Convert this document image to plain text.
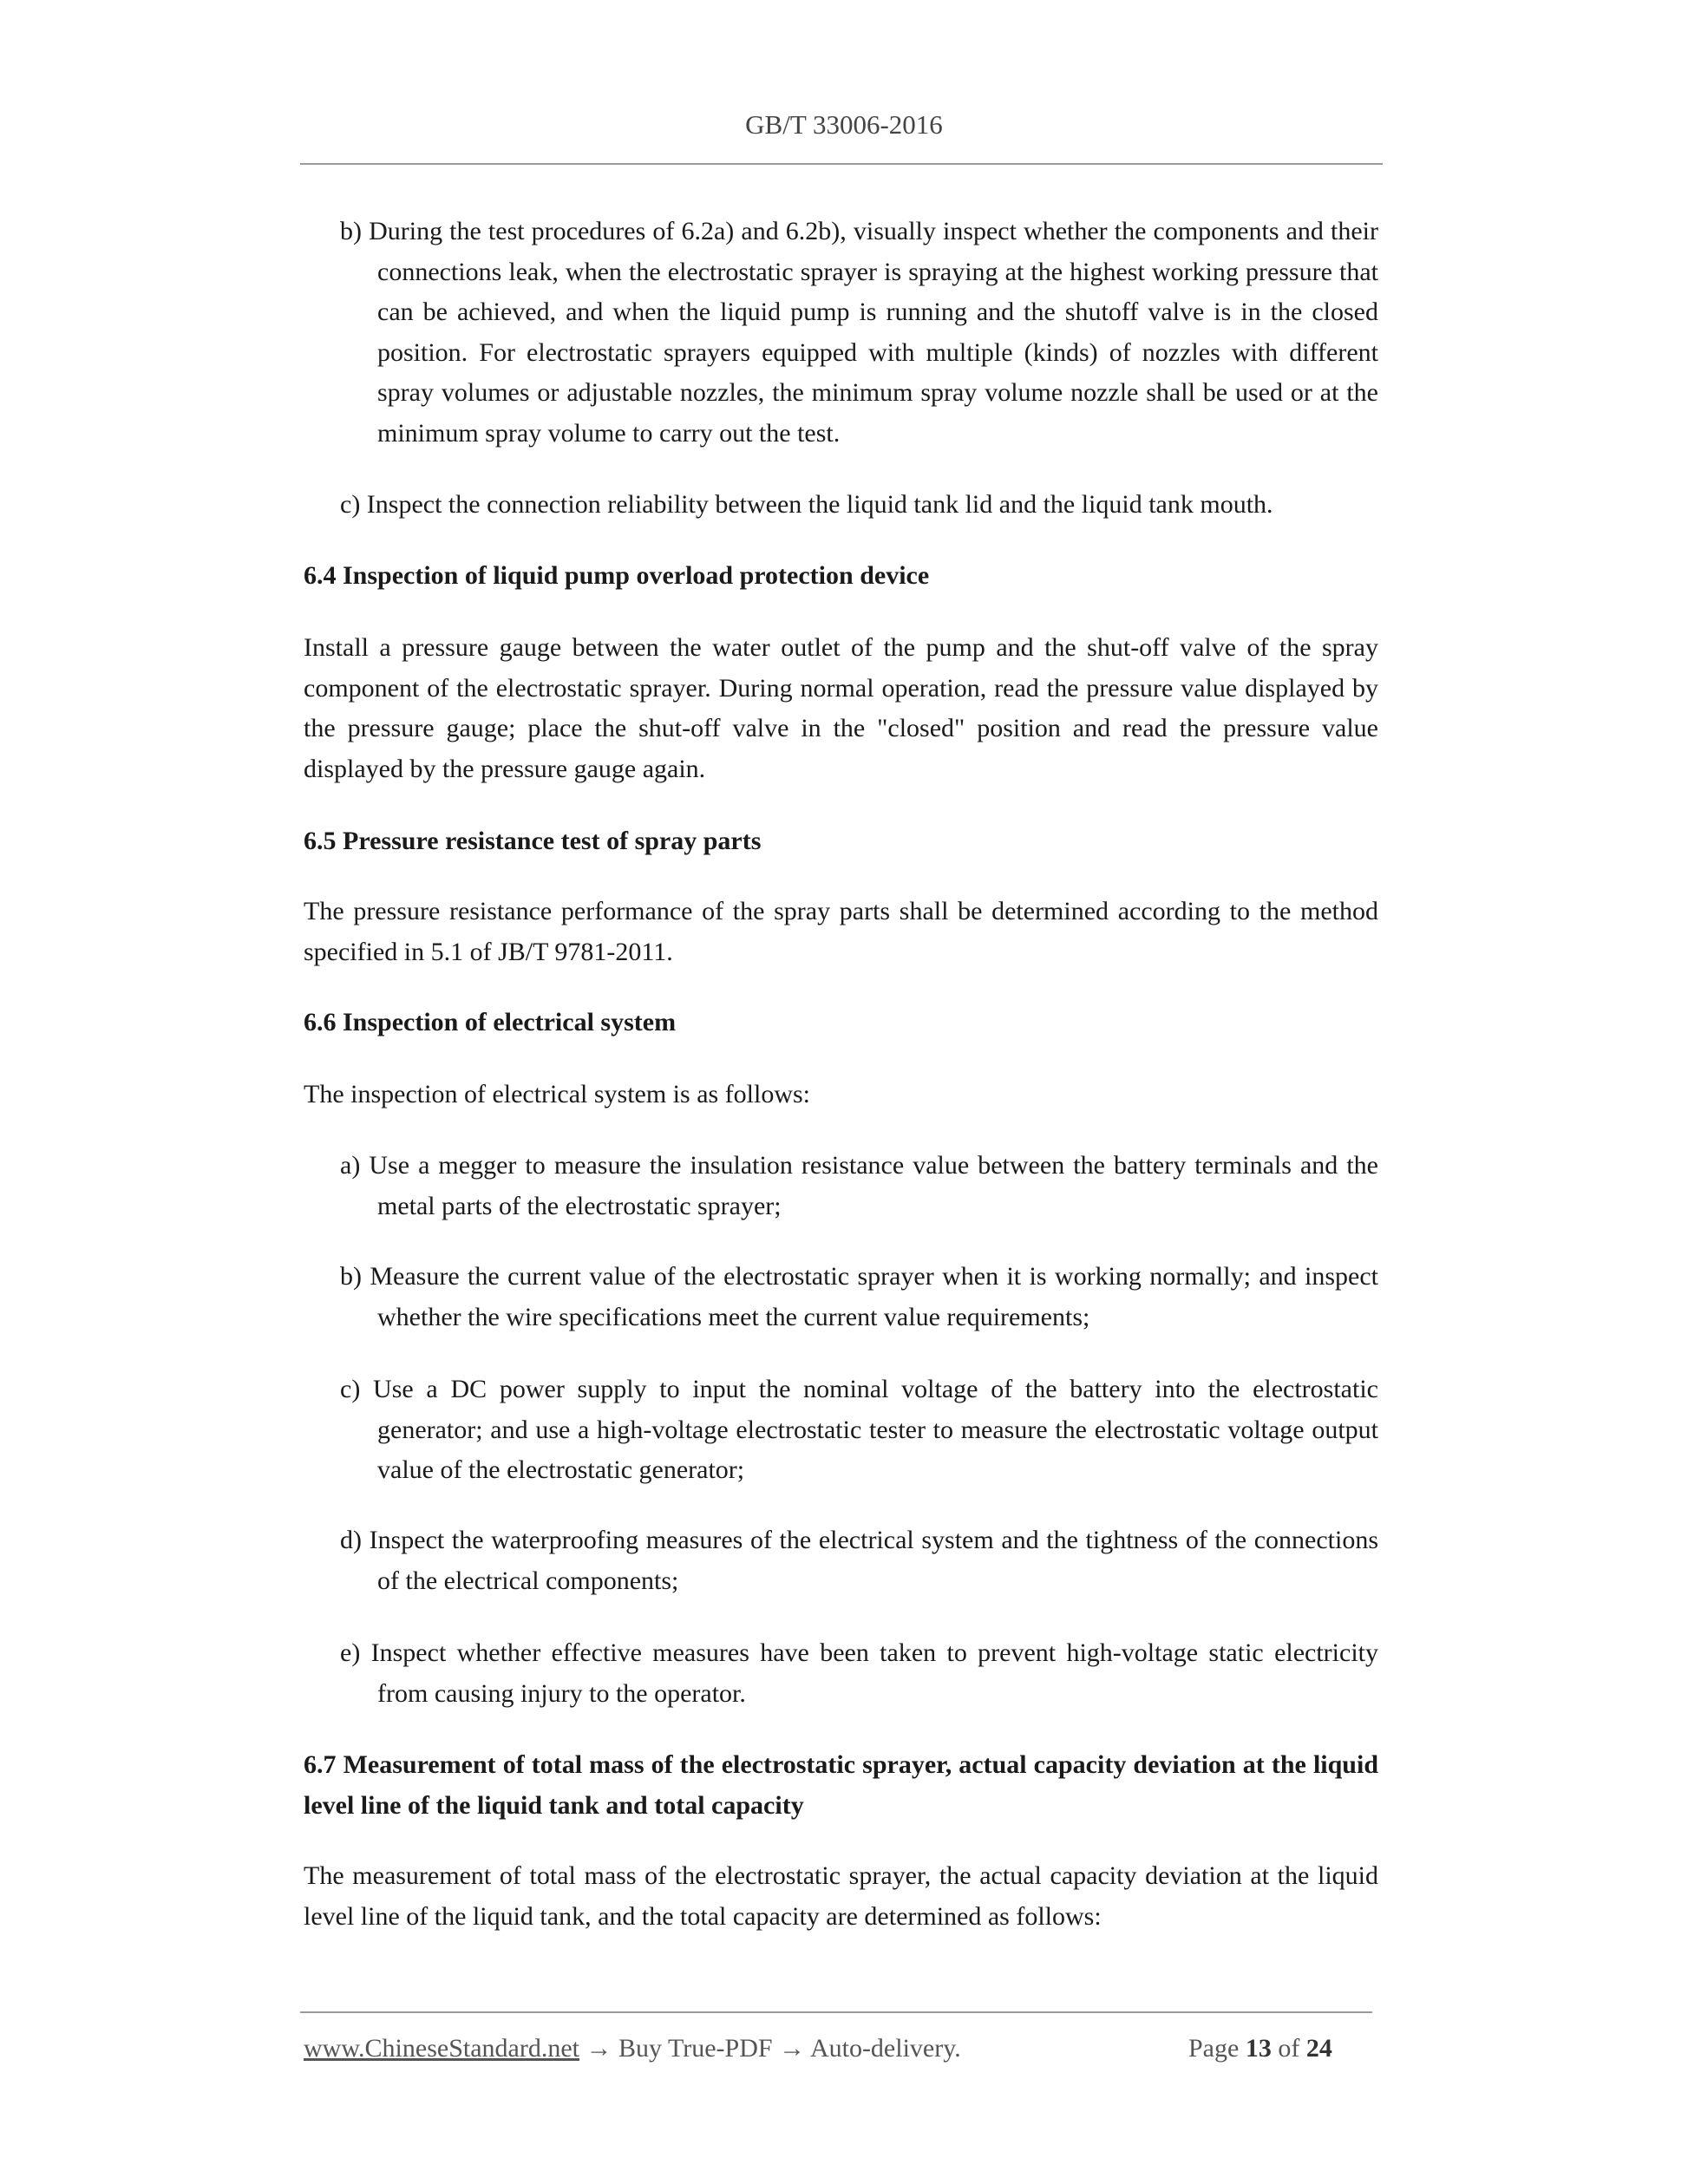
GB/T 33006-2016
b) During the test procedures of 6.2a) and 6.2b), visually inspect whether the components and their connections leak, when the electrostatic sprayer is spraying at the highest working pressure that can be achieved, and when the liquid pump is running and the shutoff valve is in the closed position. For electrostatic sprayers equipped with multiple (kinds) of nozzles with different spray volumes or adjustable nozzles, the minimum spray volume nozzle shall be used or at the minimum spray volume to carry out the test.
c) Inspect the connection reliability between the liquid tank lid and the liquid tank mouth.
6.4 Inspection of liquid pump overload protection device
Install a pressure gauge between the water outlet of the pump and the shut-off valve of the spray component of the electrostatic sprayer. During normal operation, read the pressure value displayed by the pressure gauge; place the shut-off valve in the "closed" position and read the pressure value displayed by the pressure gauge again.
6.5 Pressure resistance test of spray parts
The pressure resistance performance of the spray parts shall be determined according to the method specified in 5.1 of JB/T 9781-2011.
6.6 Inspection of electrical system
The inspection of electrical system is as follows:
a) Use a megger to measure the insulation resistance value between the battery terminals and the metal parts of the electrostatic sprayer;
b) Measure the current value of the electrostatic sprayer when it is working normally; and inspect whether the wire specifications meet the current value requirements;
c) Use a DC power supply to input the nominal voltage of the battery into the electrostatic generator; and use a high-voltage electrostatic tester to measure the electrostatic voltage output value of the electrostatic generator;
d) Inspect the waterproofing measures of the electrical system and the tightness of the connections of the electrical components;
e) Inspect whether effective measures have been taken to prevent high-voltage static electricity from causing injury to the operator.
6.7 Measurement of total mass of the electrostatic sprayer, actual capacity deviation at the liquid level line of the liquid tank and total capacity
The measurement of total mass of the electrostatic sprayer, the actual capacity deviation at the liquid level line of the liquid tank, and the total capacity are determined as follows:
www.ChineseStandard.net → Buy True-PDF → Auto-delivery.	Page 13 of 24
